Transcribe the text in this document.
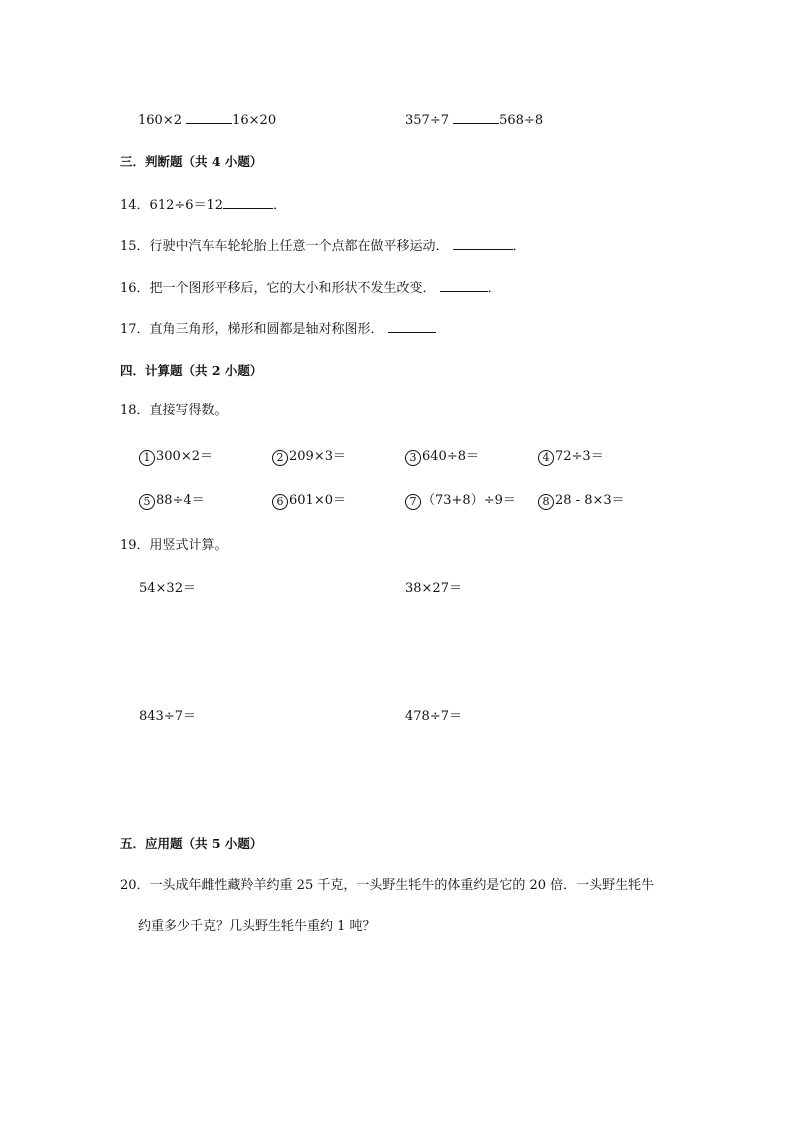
160×2	16×20	357÷7	568÷8
三．判断题（共 4 小题）
14．612÷6＝12	．
15．行驶中汽车车轮轮胎上任意一个点都在做平移运动．	．
16．把一个图形平移后，它的大小和形状不发生改变．	．
17．直角三角形，梯形和圆都是轴对称图形．
四．计算题（共 2 小题）
18．直接写得数。
1 300×2＝	2 209×3＝	3 640÷8＝	4 72÷3＝
5 88÷4＝	6 601×0＝	7 （73+8）÷9＝	8 28 - 8×3＝
19．用竖式计算。
54×32＝	38×27＝
843÷7＝	478÷7＝
五．应用题（共 5 小题）
20．一头成年雌性藏羚羊约重 25 千克，一头野生牦牛的体重约是它的 20 倍．一头野生牦牛
约重多少千克？几头野生牦牛重约 1 吨？
